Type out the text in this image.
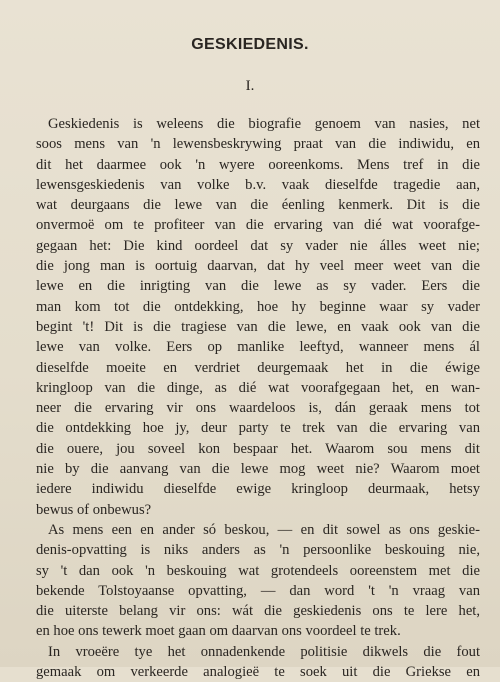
GESKIEDENIS.
I.
Geskiedenis is weleens die biografie genoem van nasies, net
soos mens van 'n lewensbeskrywing praat van die indiwidu, en
dit het daarmee ook 'n wyere ooreenkoms. Mens tref in die
lewensgeskiedenis van volke b.v. vaak dieselfde tragedie aan,
wat deurgaans die lewe van die éenling kenmerk. Dit is die
onvermoë om te profiteer van die ervaring van dié wat voorafge-
gegaan het: Die kind oordeel dat sy vader nie álles weet nie;
die jong man is oortuig daarvan, dat hy veel meer weet van die
lewe en die inrigting van die lewe as sy vader. Eers die
man kom tot die ontdekking, hoe hy beginne waar sy vader
begint 't! Dit is die tragiese van die lewe, en vaak ook van die
lewe van volke. Eers op manlike leeftyd, wanneer mens ál
dieselfde moeite en verdriet deurgemaak het in die éwige
kringloop van die dinge, as dié wat voorafgegaan het, en wan-
neer die ervaring vir ons waardeloos is, dán geraak mens tot
die ontdekking hoe jy, deur party te trek van die ervaring van
die ouere, jou soveel kon bespaar het. Waarom sou mens dit
nie by die aanvang van die lewe mog weet nie? Waarom moet
iedere indiwidu dieselfde ewige kringloop deurmaak, hetsy
bewus of onbewus?
As mens een en ander só beskou, — en dit sowel as ons geskie-
denis-opvatting is niks anders as 'n persoonlike beskouing nie,
sy 't dan ook 'n beskouing wat grotendeels ooreenstem met die
bekende Tolstoyaanse opvatting, — dan word 't 'n vraag van
die uiterste belang vir ons: wát die geskiedenis ons te lere het,
en hoe ons tewerk moet gaan om daarvan ons voordeel te trek.
In vroeëre tye het onnadenkende politisie dikwels die fout
gemaak om verkeerde analogieë te soek uit die Griekse en
